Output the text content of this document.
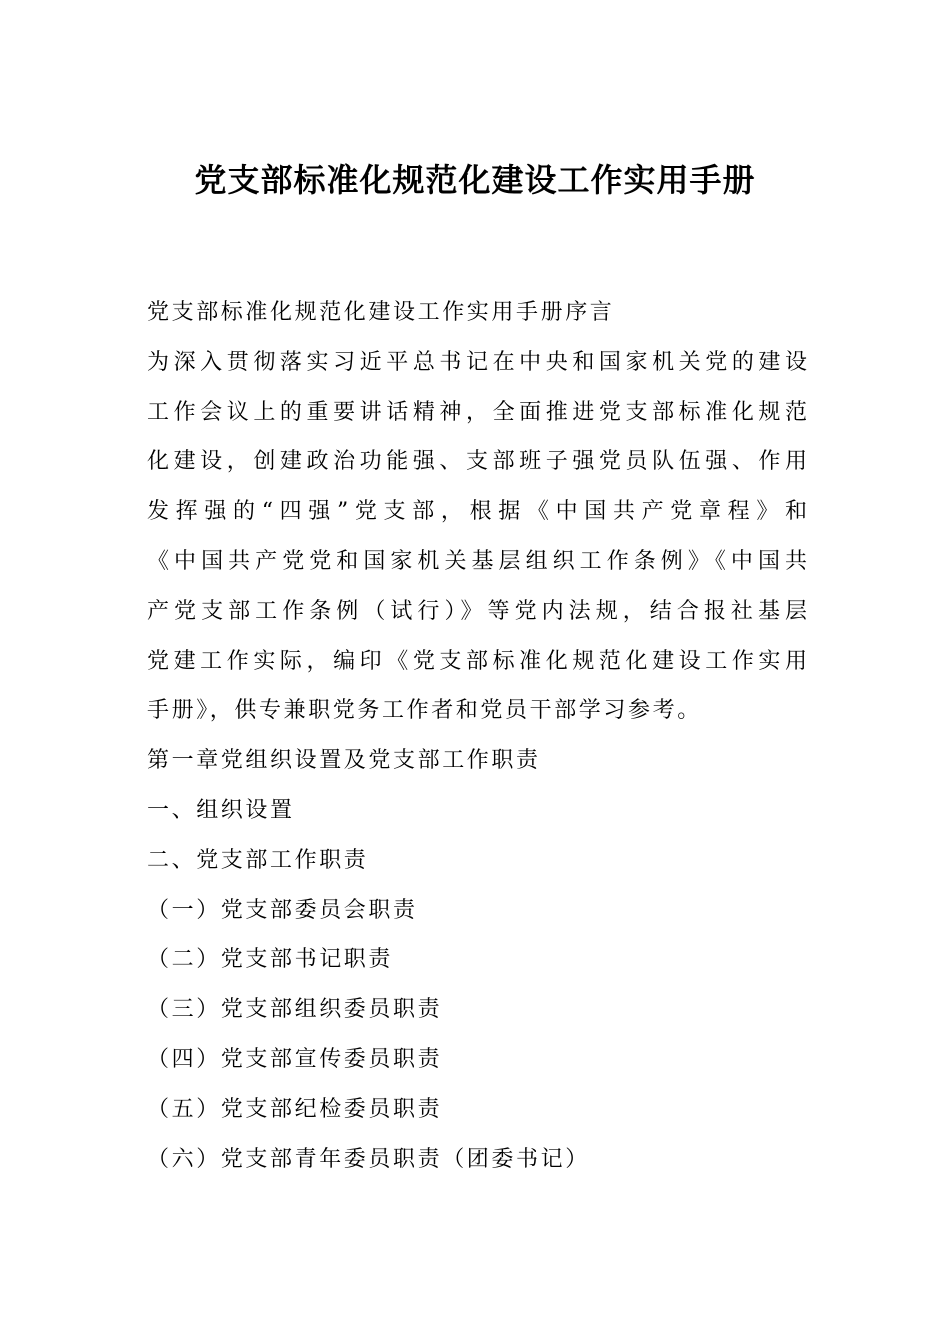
党支部标准化规范化建设工作实用手册
党支部标准化规范化建设工作实用手册序言
为深入贯彻落实习近平总书记在中央和国家机关党的建设
工作会议上的重要讲话精神，全面推进党支部标准化规范
化建设，创建政治功能强、支部班子强党员队伍强、作用
发挥强的“四强”党支部，根据《中国共产党章程》和
《中国共产党党和国家机关基层组织工作条例》《中国共
产党支部工作条例（试行）》等党内法规，结合报社基层
党建工作实际，编印《党支部标准化规范化建设工作实用
手册》，供专兼职党务工作者和党员干部学习参考。
第一章党组织设置及党支部工作职责
一、组织设置
二、党支部工作职责
（一）党支部委员会职责
（二）党支部书记职责
（三）党支部组织委员职责
（四）党支部宣传委员职责
（五）党支部纪检委员职责
（六）党支部青年委员职责（团委书记）
